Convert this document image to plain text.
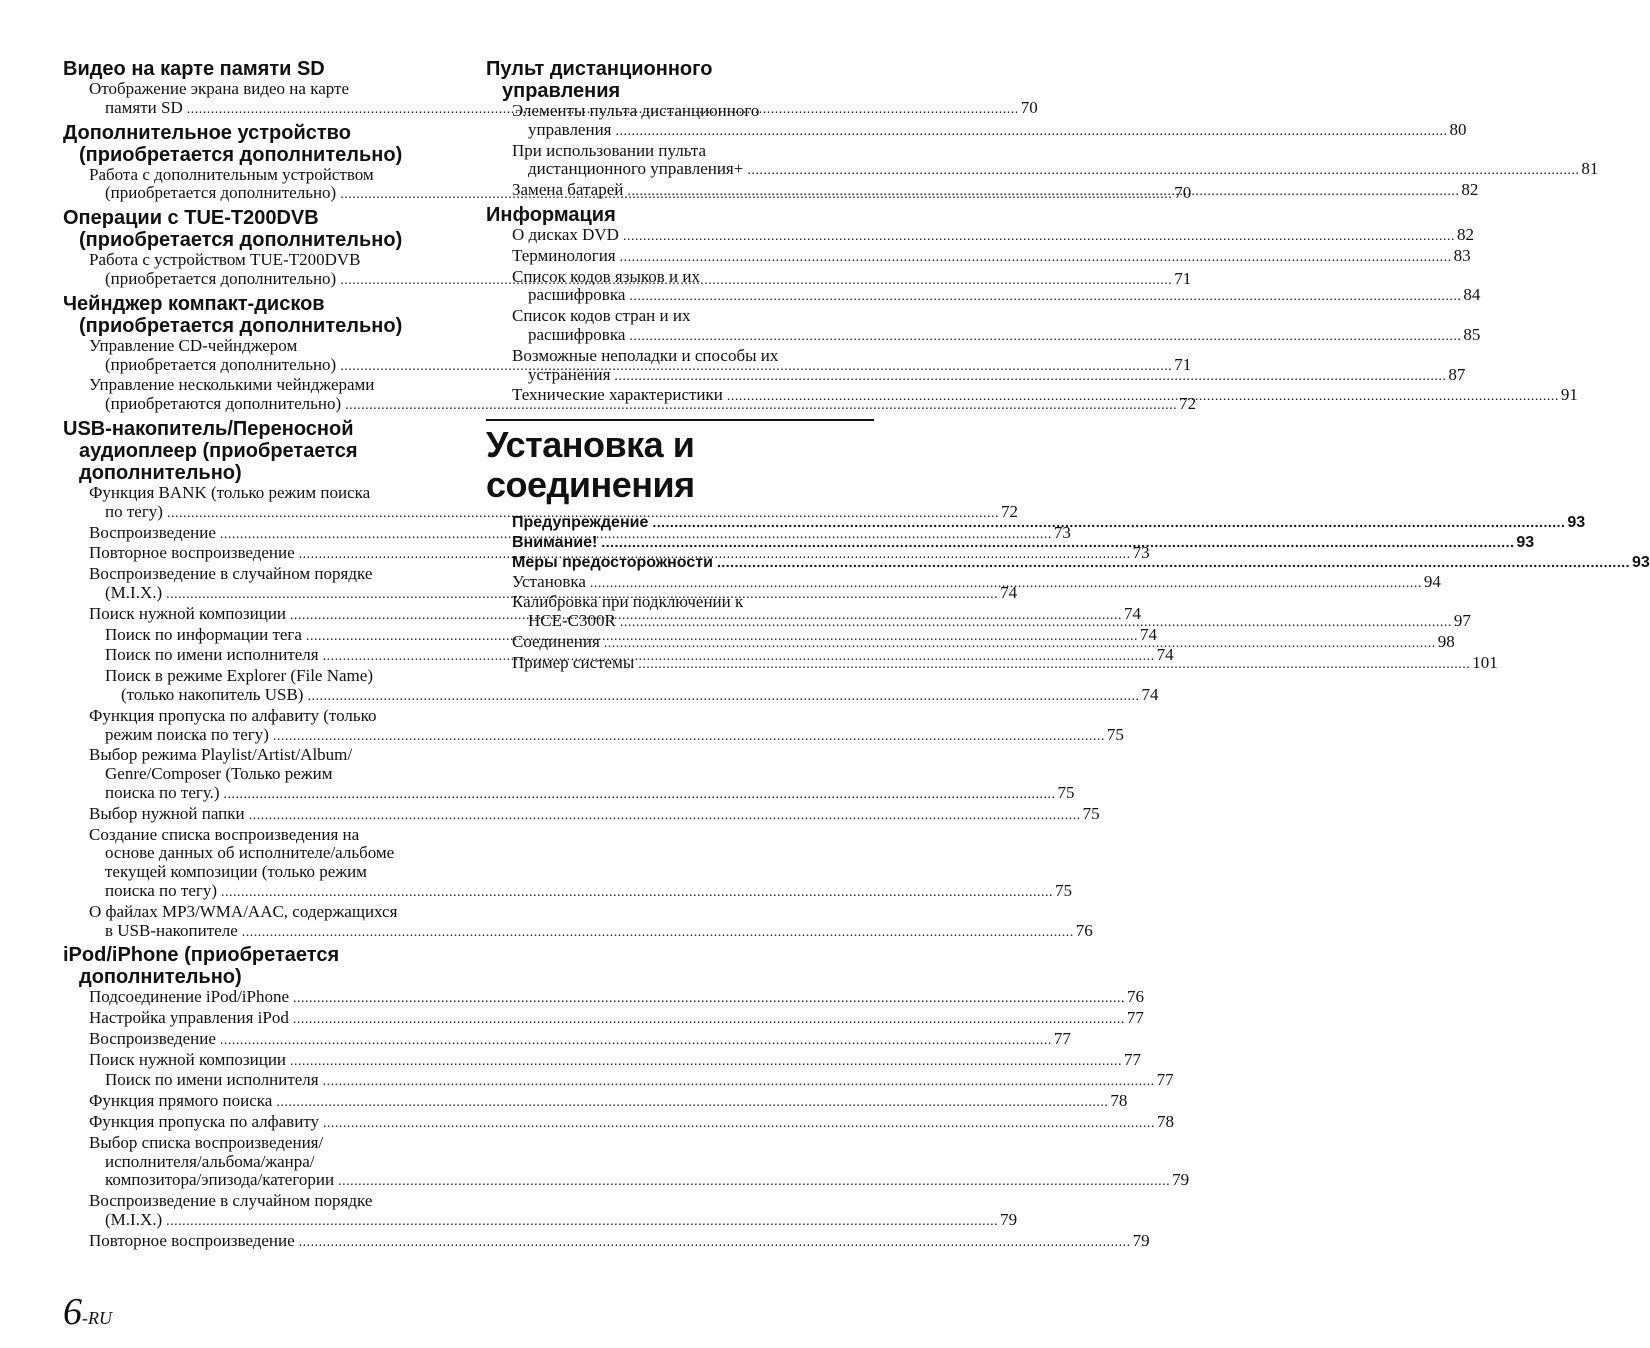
Видео на карте памяти SD
Отображение экрана видео на карте
памяти SD .....	70
Дополнительное устройство
(приобретается дополнительно)
Работа с дополнительным устройством
(приобретается дополнительно) .....	70
Операции с TUE-T200DVB
(приобретается дополнительно)
Работа с устройством TUE-T200DVB
(приобретается дополнительно) .....	71
Чейнджер компакт-дисков
(приобретается дополнительно)
Управление CD-чейнджером
(приобретается дополнительно) .....	71
Управление несколькими чейнджерами
(приобретаются дополнительно) .....	72
USB-накопитель/Переносной
аудиоплеер (приобретается
дополнительно)
Функция BANK (только режим поиска
по тегу) .....	72
Воспроизведение .....	73
Повторное воспроизведение .....	73
Воспроизведение в случайном порядке
(M.I.X.) .....	74
Поиск нужной композиции .....	74
Поиск по информации тега .....	74
Поиск по имени исполнителя .....	74
Поиск в режиме Explorer (File Name)
(только накопитель USB) .....	74
Функция пропуска по алфавиту (только
режим поиска по тегу) .....	75
Выбор режима Playlist/Artist/Album/
Genre/Composer (Только режим
поиска по тегу.) .....	75
Выбор нужной папки .....	75
Создание списка воспроизведения на
основе данных об исполнителе/альбоме
текущей композиции (только режим
поиска по тегу) .....	75
О файлах MP3/WMA/AAC, содержащихся
в USB-накопителе .....	76
iPod/iPhone (приобретается
дополнительно)
Подсоединение iPod/iPhone .....	76
Настройка управления iPod .....	77
Воспроизведение .....	77
Поиск нужной композиции .....	77
Поиск по имени исполнителя .....	77
Функция прямого поиска .....	78
Функция пропуска по алфавиту .....	78
Выбор списка воспроизведения/
исполнителя/альбома/жанра/
композитора/эпизода/категории .....	79
Воспроизведение в случайном порядке
(M.I.X.) .....	79
Повторное воспроизведение .....	79
Пульт дистанционного
управления
Элементы пульта дистанционного
управления .....	80
При использовании пульта
дистанционного управления+ .....	81
Замена батарей .....	82
Информация
О дисках DVD .....	82
Терминология .....	83
Список кодов языков и их
расшифровка .....	84
Список кодов стран и их
расшифровка .....	85
Возможные неполадки и способы их
устранения .....	87
Технические характеристики .....	91
Установка и соединения
Предупреждение .....	93
Внимание! .....	93
Меры предосторожности .....	93
Установка .....	94
Калибровка при подключении к
HCE-C300R .....	97
Соединения .....	98
Пример системы .....	101
6-RU
